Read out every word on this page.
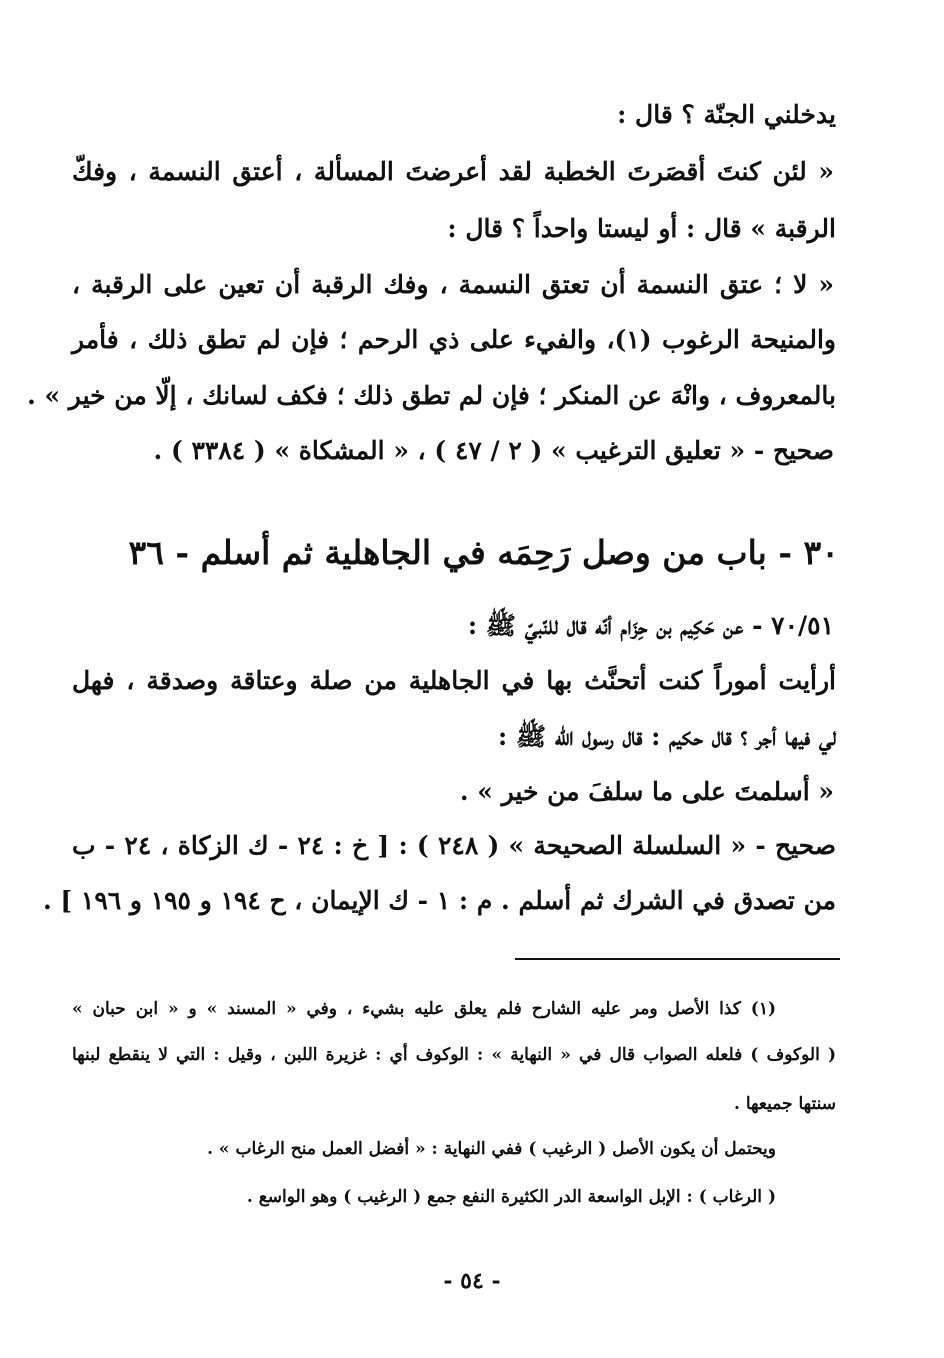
يدخلني الجنّة ؟ قال :
« لئن كنتَ أقصَرتَ الخطبة لقد أعرضتَ المسألة ، أعتق النسمة ، وفكّ
الرقبة » قال : أو ليستا واحداً ؟ قال :
« لا ؛ عتق النسمة أن تعتق النسمة ، وفك الرقبة أن تعين على الرقبة ،
والمنيحة الرغوب (١)، والفيء على ذي الرحم ؛ فإن لم تطق ذلك ، فأمر
بالمعروف ، وانْهَ عن المنكر ؛ فإن لم تطق ذلك ؛ فكف لسانك ، إلّا من خير » .
صحيح - « تعليق الترغيب » ( ٢ / ٤٧ ) ، « المشكاة » ( ٣٣٨٤ ) .
٣٠ - باب من وصل رَحِمَه في الجاهلية ثم أسلم - ٣٦
٧٠/٥١ - عن حَكِيم بن حِزَام أنّه قال للنّبيّ ﷺ :
أرأيت أموراً كنت أتحنَّث بها في الجاهلية من صلة وعتاقة وصدقة ، فهل
لي فيها أجر ؟ قال حكيم : قال رسول الله ﷺ :
« أسلمتَ على ما سلفَ من خير » .
صحيح - « السلسلة الصحيحة » ( ٢٤٨ ) : [ خ : ٢٤ - ك الزكاة ، ٢٤ - ب
من تصدق في الشرك ثم أسلم . م : ١ - ك الإيمان ، ح ١٩٤ و ١٩٥ و ١٩٦ ] .
(١) كذا الأصل ومر عليه الشارح فلم يعلق عليه بشيء ، وفي « المسند » و « ابن حبان »
( الوكوف ) فلعله الصواب قال في « النهاية » : الوكوف أي : غزيرة اللبن ، وقيل : التي لا ينقطع لبنها
سنتها جميعها .
ويحتمل أن يكون الأصل ( الرغيب ) ففي النهاية : « أفضل العمل منح الرغاب » .
( الرغاب ) : الإبل الواسعة الدر الكثيرة النفع جمع ( الرغيب ) وهو الواسع .
- ٥٤ -
